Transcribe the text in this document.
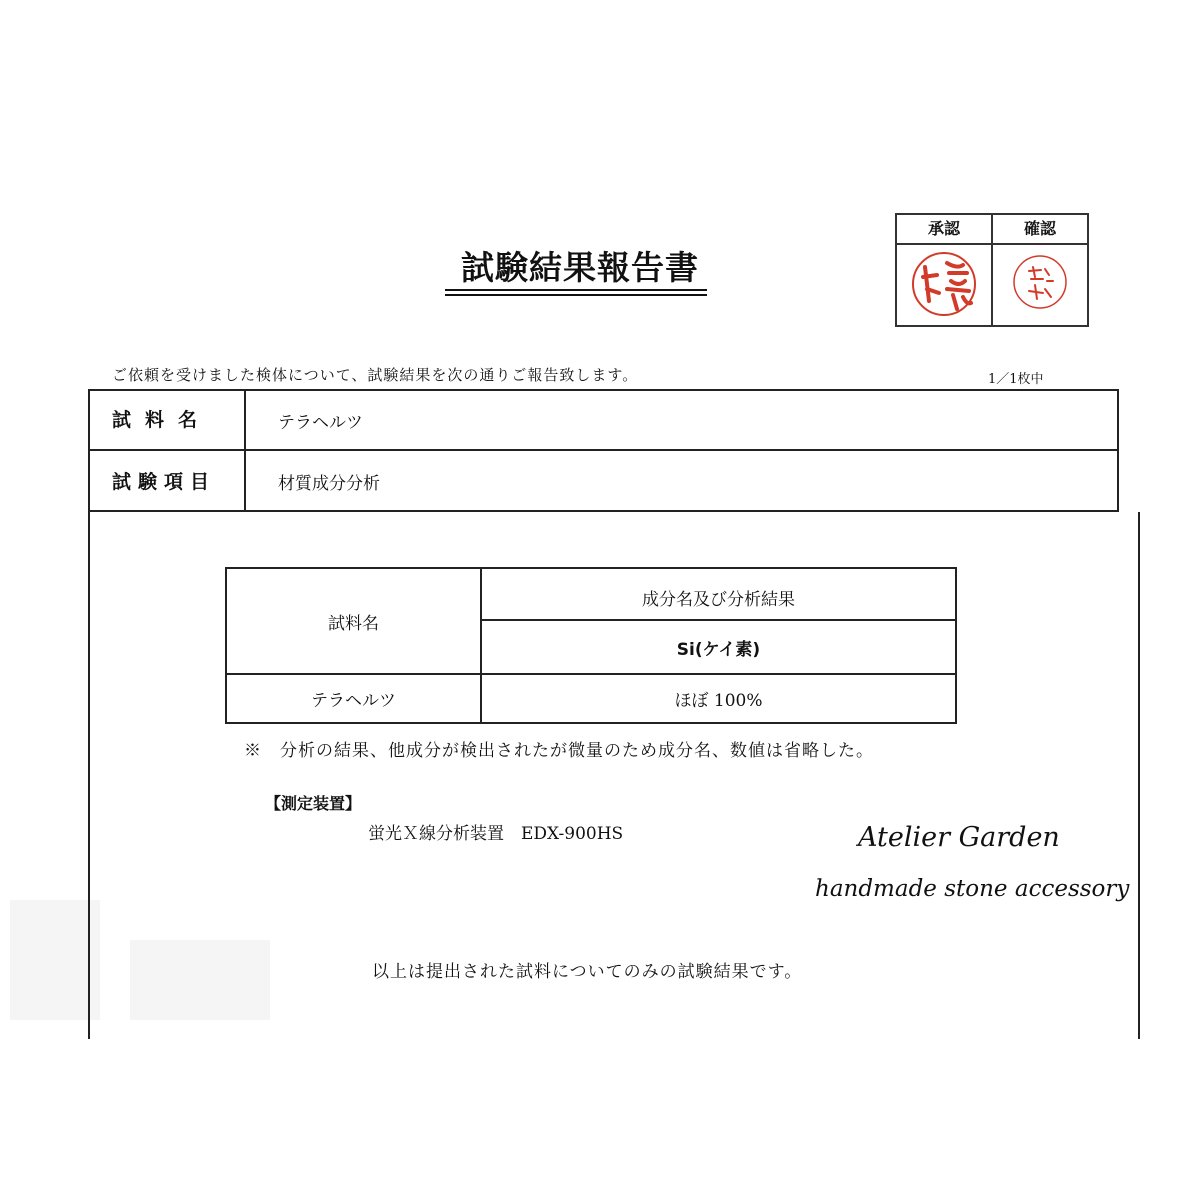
試験結果報告書
承認	確認
ご依頼を受けました検体について、試験結果を次の通りご報告致します。	1／1枚中
試料名	テラヘルツ
試験項目	材質成分分析
試料名
成分名及び分析結果
Si(ケイ素)
テラヘルツ	ほぼ 100%
※　分析の結果、他成分が検出されたが微量のため成分名、数値は省略した。
【測定装置】
蛍光Ｘ線分析装置　EDX-900HS	Atelier Garden
handmade stone accessory
以上は提出された試料についてのみの試験結果です。
